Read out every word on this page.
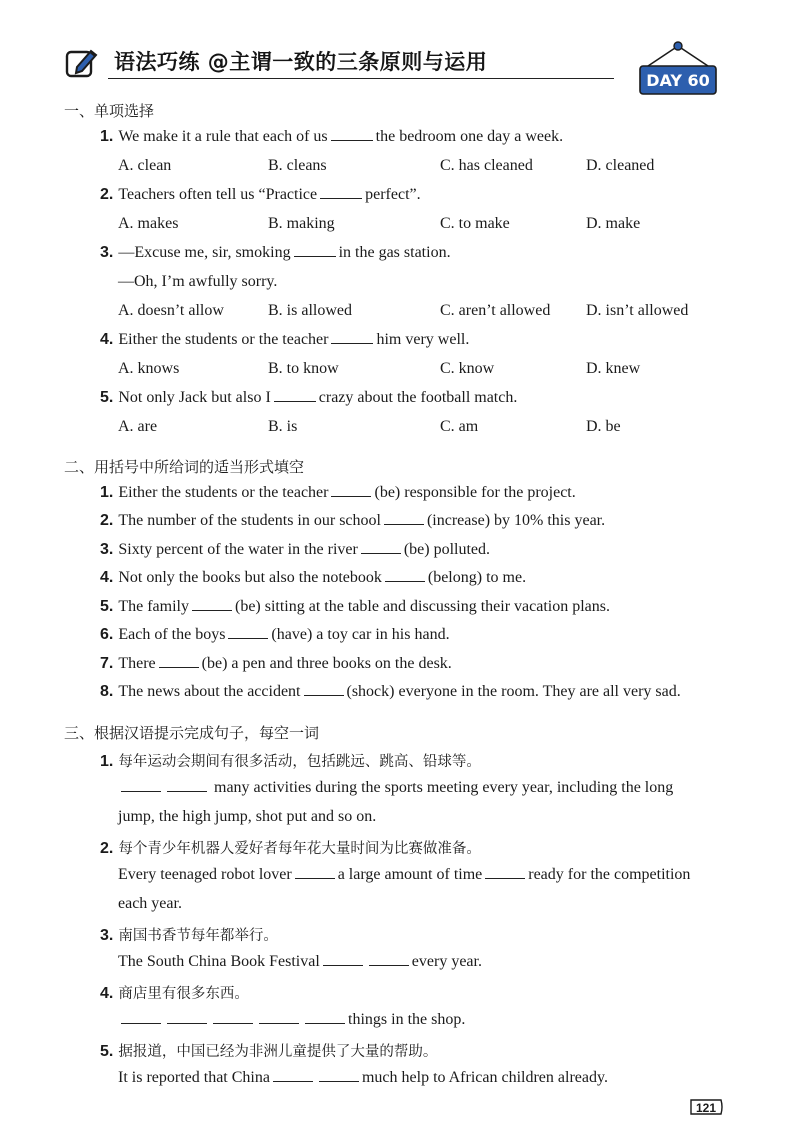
语法巧练 @主谓一致的三条原则与运用
DAY 60
一、单项选择
1. We make it a rule that each of us	the bedroom one day a week.
A. clean	B. cleans	C. has cleaned	D. cleaned
2. Teachers often tell us “Practice	perfect”.
A. makes	B. making	C. to make	D. make
3. —Excuse me, sir, smoking	in the gas station.
—Oh, I’m awfully sorry.
A. doesn’t allow	B. is allowed	C. aren’t allowed D. isn’t allowed
4. Either the students or the teacher	him very well.
A. knows	B. to know	C. know	D. knew
5. Not only Jack but also I	crazy about the football match.
A. are	B. is	C. am	D. be
二、用括号中所给词的适当形式填空
1. Either the students or the teacher	(be) responsible for the project.
2. The number of the students in our school	(increase) by 10% this year.
3. Sixty percent of the water in the river	(be) polluted.
4. Not only the books but also the notebook	(belong) to me.
5. The family	(be) sitting at the table and discussing their vacation plans.
6. Each of the boys	(have) a toy car in his hand.
7. There	(be) a pen and three books on the desk.
8. The news about the accident	(shock) everyone in the room. They are all very sad.
三、根据汉语提示完成句子，每空一词
1. 每年运动会期间有很多活动，包括跳远、跳高、铅球等。
many activities during the sports meeting every year, including the long
jump, the high jump, shot put and so on.
2. 每个青少年机器人爱好者每年花大量时间为比赛做准备。
Every teenaged robot lover	a large amount of time	ready for the competition
each year.
3. 南国书香节每年都举行。
The South China Book Festival	every year.
4. 商店里有很多东西。
things in the shop.
5. 据报道，中国已经为非洲儿童提供了大量的帮助。
It is reported that China	much help to African children already.
121
